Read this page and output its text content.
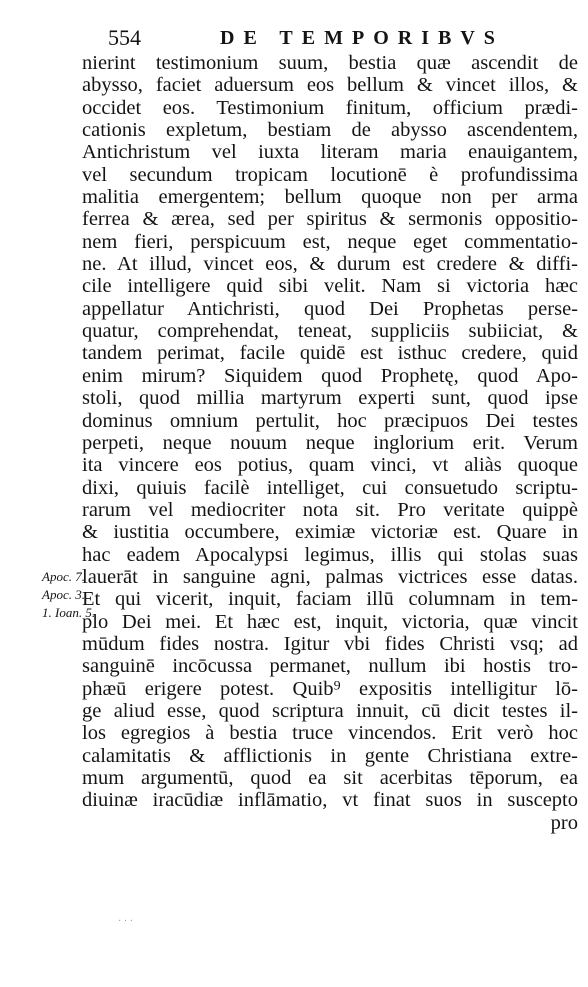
554	DE TEMPORIBVS
nierint testimonium suum, bestia quæ ascendit de
abysso, faciet aduersum eos bellum & vincet illos, &
occidet eos. Testimonium finitum, officium prædi-
cationis expletum, bestiam de abysso ascendentem,
Antichristum vel iuxta literam maria enauigantem,
vel secundum tropicam locutionē è profundissima
malitia emergentem; bellum quoque non per arma
ferrea & ærea, sed per spiritus & sermonis oppositio-
nem fieri, perspicuum est, neque eget commentatio-
ne. At illud, vincet eos, & durum est credere & diffi-
cile intelligere quid sibi velit. Nam si victoria hæc
appellatur Antichristi, quod Dei Prophetas perse-
quatur, comprehendat, teneat, suppliciis subiiciat, &
tandem perimat, facile quidē est isthuc credere, quid
enim mirum? Siquidem quod Prophetę, quod Apo-
stoli, quod millia martyrum experti sunt, quod ipse
dominus omnium pertulit, hoc præcipuos Dei testes
perpeti, neque nouum neque inglorium erit. Verum
ita vincere eos potius, quam vinci, vt aliàs quoque
dixi, quiuis facilè intelliget, cui consuetudo scriptu-
rarum vel mediocriter nota sit. Pro veritate quippè
& iustitia occumbere, eximiæ victoriæ est. Quare in
hac eadem Apocalypsi legimus, illis qui stolas suas
lauerāt in sanguine agni, palmas victrices esse datas.
Et qui vicerit, inquit, faciam illū columnam in tem-
plo Dei mei. Et hæc est, inquit, victoria, quæ vincit
mūdum fides nostra. Igitur vbi fides Christi vsq; ad
sanguinē incōcussa permanet, nullum ibi hostis tro-
phæū erigere potest. Quib⁹ expositis intelligitur lō-
ge aliud esse, quod scriptura innuit, cū dicit testes il-
los egregios à bestia truce vincendos. Erit verò hoc
calamitatis & afflictionis in gente Christiana extre-
mum argumentū, quod ea sit acerbitas tēporum, ea
diuinæ iracūdiæ inflāmatio, vt finat suos in suscepto
pro
Apoc. 7.
Apoc. 3.
1. Ioan. 5.
· · ·
